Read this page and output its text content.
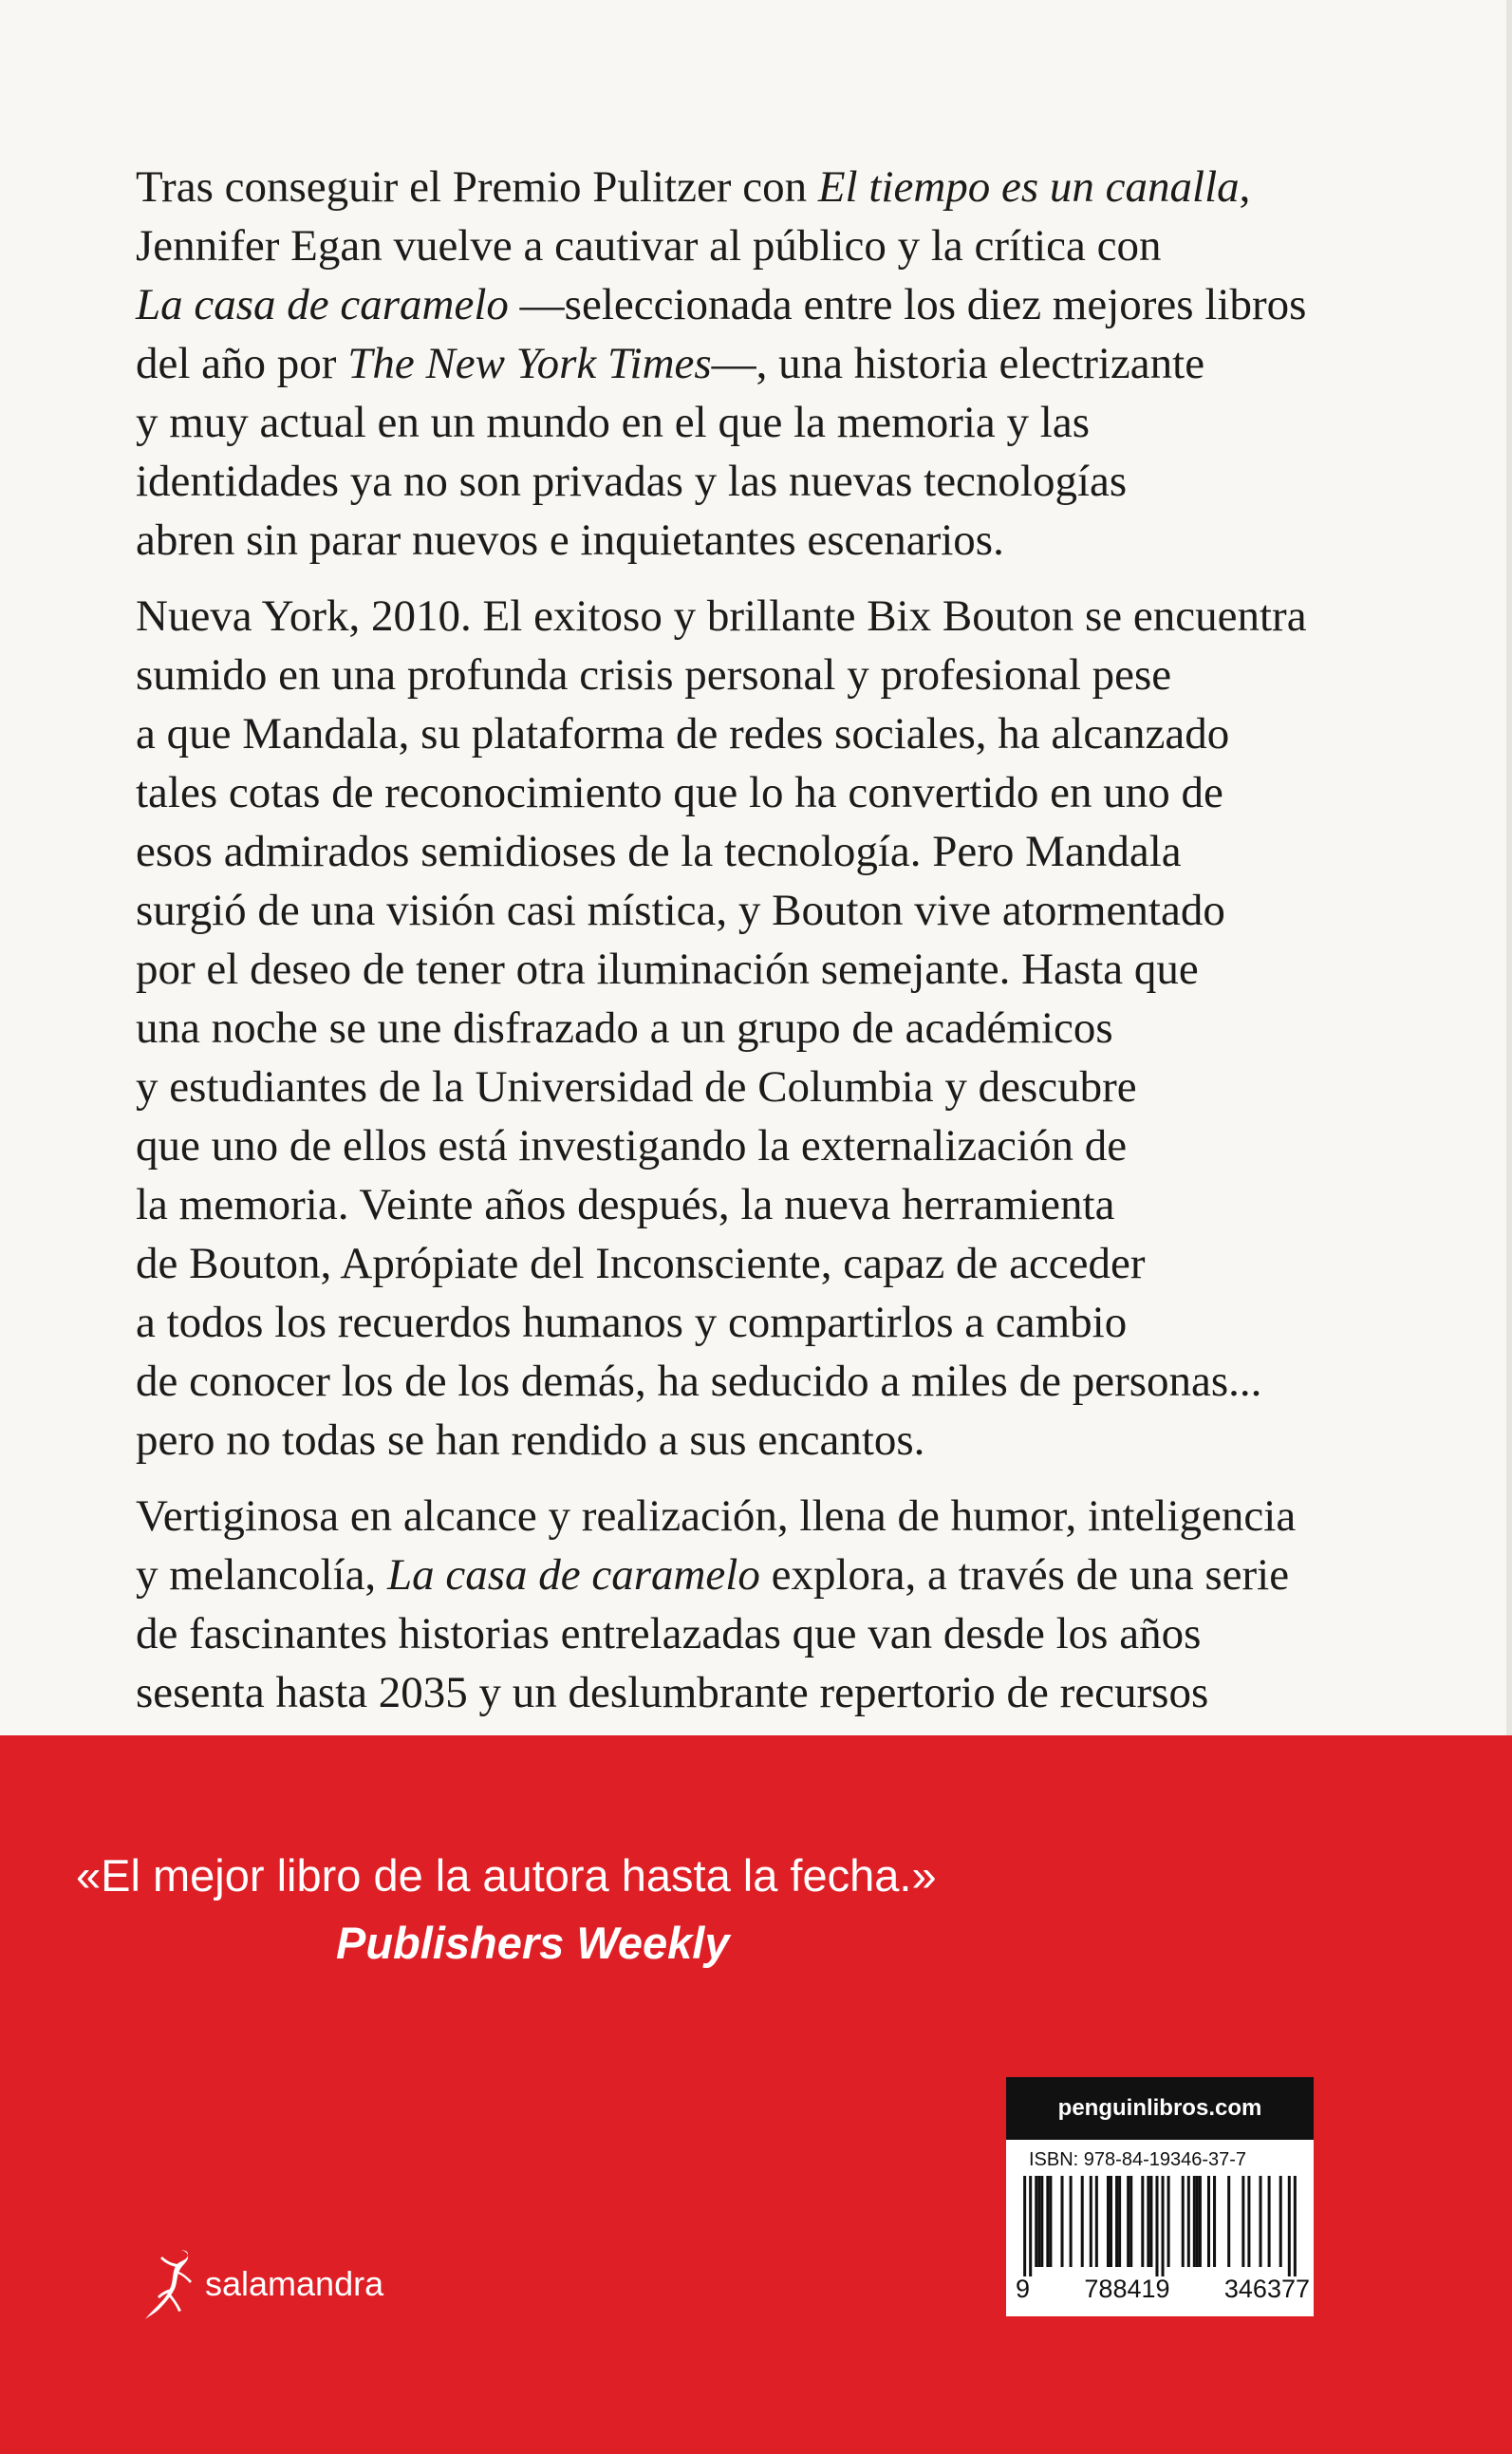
Tras conseguir el Premio Pulitzer con El tiempo es un canalla,
Jennifer Egan vuelve a cautivar al público y la crítica con
La casa de caramelo —seleccionada entre los diez mejores libros
del año por The New York Times—, una historia electrizante
y muy actual en un mundo en el que la memoria y las
identidades ya no son privadas y las nuevas tecnologías
abren sin parar nuevos e inquietantes escenarios.

Nueva York, 2010. El exitoso y brillante Bix Bouton se encuentra
sumido en una profunda crisis personal y profesional pese
a que Mandala, su plataforma de redes sociales, ha alcanzado
tales cotas de reconocimiento que lo ha convertido en uno de
esos admirados semidioses de la tecnología. Pero Mandala
surgió de una visión casi mística, y Bouton vive atormentado
por el deseo de tener otra iluminación semejante. Hasta que
una noche se une disfrazado a un grupo de académicos
y estudiantes de la Universidad de Columbia y descubre
que uno de ellos está investigando la externalización de
la memoria. Veinte años después, la nueva herramienta
de Bouton, Aprópiate del Inconsciente, capaz de acceder
a todos los recuerdos humanos y compartirlos a cambio
de conocer los de los demás, ha seducido a miles de personas...
pero no todas se han rendido a sus encantos.

Vertiginosa en alcance y realización, llena de humor, inteligencia
y melancolía, La casa de caramelo explora, a través de una serie
de fascinantes historias entrelazadas que van desde los años
sesenta hasta 2035 y un deslumbrante repertorio de recursos

«El mejor libro de la autora hasta la fecha.»
Publishers Weekly
salamandra
penguinlibros.com
ISBN: 978-84-19346-37-7
9 788419 346377
